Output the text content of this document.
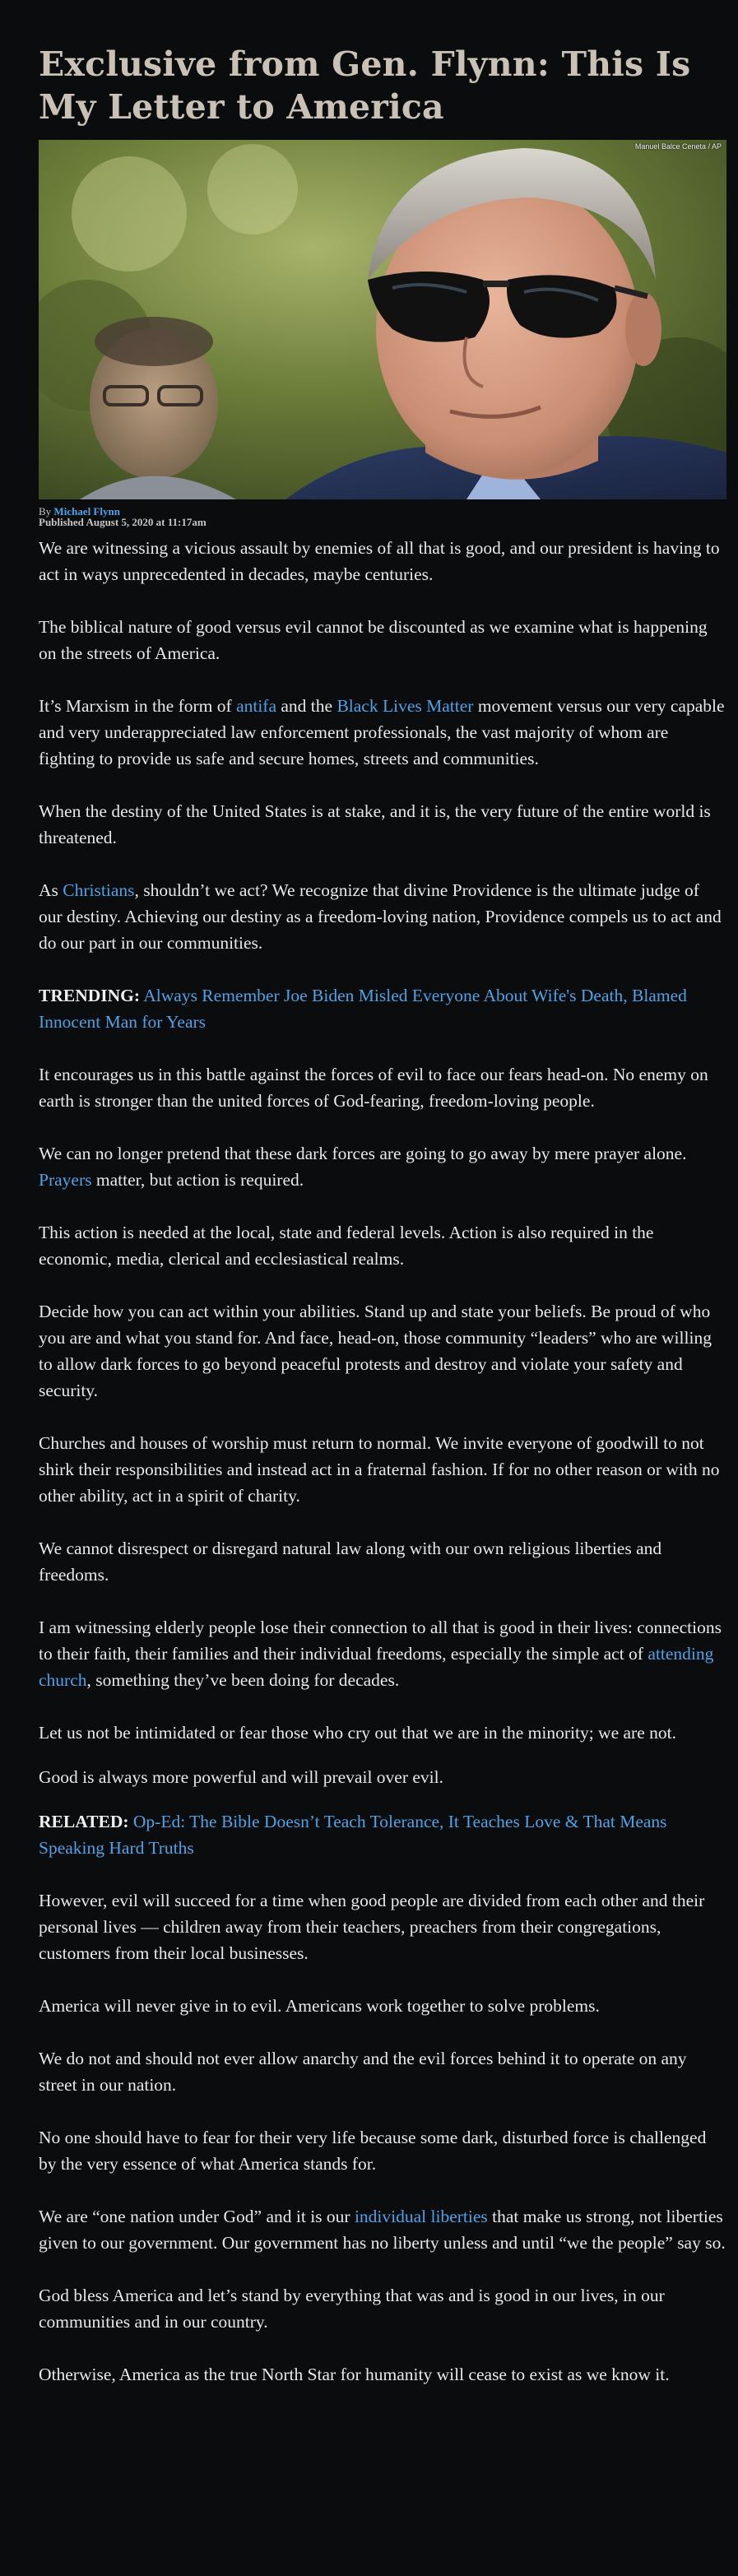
Exclusive from Gen. Flynn: This Is My Letter to America
Manuel Balce Ceneta / AP
By Michael Flynn
Published August 5, 2020 at 11:17am

We are witnessing a vicious assault by enemies of all that is good, and our president is having to act in ways unprecedented in decades, maybe centuries.

The biblical nature of good versus evil cannot be discounted as we examine what is happening on the streets of America.

It’s Marxism in the form of antifa and the Black Lives Matter movement versus our very capable and very underappreciated law enforcement professionals, the vast majority of whom are fighting to provide us safe and secure homes, streets and communities.

When the destiny of the United States is at stake, and it is, the very future of the entire world is threatened.

As Christians, shouldn’t we act? We recognize that divine Providence is the ultimate judge of our destiny. Achieving our destiny as a freedom-loving nation, Providence compels us to act and do our part in our communities.

TRENDING: Always Remember Joe Biden Misled Everyone About Wife's Death, Blamed Innocent Man for Years

It encourages us in this battle against the forces of evil to face our fears head-on. No enemy on earth is stronger than the united forces of God-fearing, freedom-loving people.

We can no longer pretend that these dark forces are going to go away by mere prayer alone. Prayers matter, but action is required.

This action is needed at the local, state and federal levels. Action is also required in the economic, media, clerical and ecclesiastical realms.

Decide how you can act within your abilities. Stand up and state your beliefs. Be proud of who you are and what you stand for. And face, head-on, those community “leaders” who are willing to allow dark forces to go beyond peaceful protests and destroy and violate your safety and security.

Churches and houses of worship must return to normal. We invite everyone of goodwill to not shirk their responsibilities and instead act in a fraternal fashion. If for no other reason or with no other ability, act in a spirit of charity.

We cannot disrespect or disregard natural law along with our own religious liberties and freedoms.

I am witnessing elderly people lose their connection to all that is good in their lives: connections to their faith, their families and their individual freedoms, especially the simple act of attending church, something they’ve been doing for decades.

Let us not be intimidated or fear those who cry out that we are in the minority; we are not.

Good is always more powerful and will prevail over evil.

RELATED: Op-Ed: The Bible Doesn’t Teach Tolerance, It Teaches Love & That Means Speaking Hard Truths

However, evil will succeed for a time when good people are divided from each other and their personal lives — children away from their teachers, preachers from their congregations, customers from their local businesses.

America will never give in to evil. Americans work together to solve problems.

We do not and should not ever allow anarchy and the evil forces behind it to operate on any street in our nation.

No one should have to fear for their very life because some dark, disturbed force is challenged by the very essence of what America stands for.

We are “one nation under God” and it is our individual liberties that make us strong, not liberties given to our government. Our government has no liberty unless and until “we the people” say so.

God bless America and let’s stand by everything that was and is good in our lives, in our communities and in our country.

Otherwise, America as the true North Star for humanity will cease to exist as we know it.
